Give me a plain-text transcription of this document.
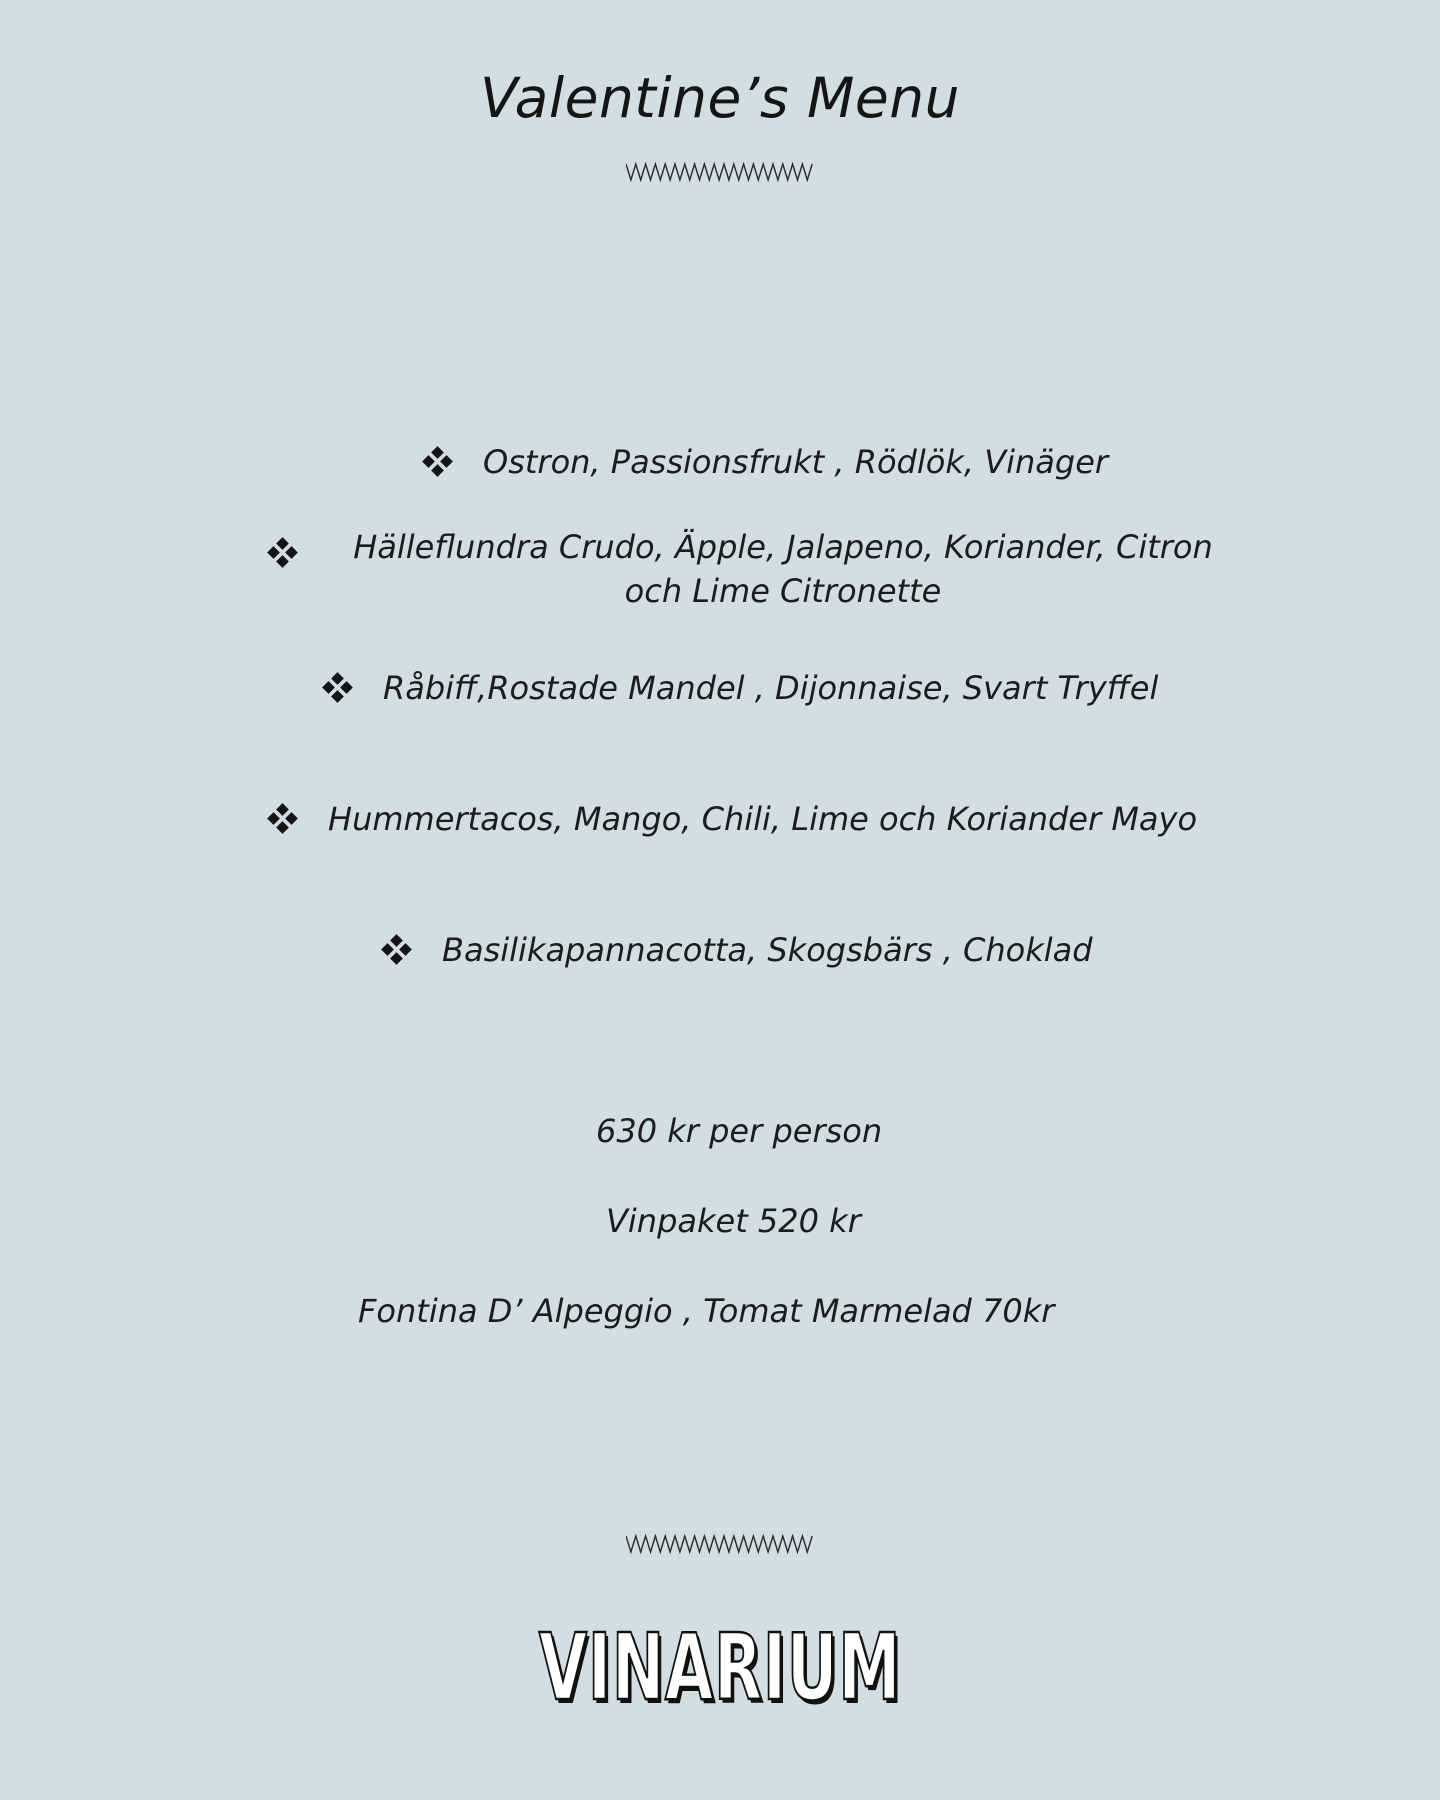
Valentine’s Menu
Ostron, Passionsfrukt , Rödlök, Vinäger
Hälleflundra Crudo, Äpple, Jalapeno, Koriander, Citron och Lime Citronette
Råbiff,Rostade Mandel , Dijonnaise, Svart Tryffel
Hummertacos, Mango, Chili, Lime och Koriander Mayo
Basilikapannacotta, Skogsbärs , Choklad
630 kr per person
Vinpaket 520 kr
Fontina D’ Alpeggio , Tomat Marmelad 70kr
VINARIUM
